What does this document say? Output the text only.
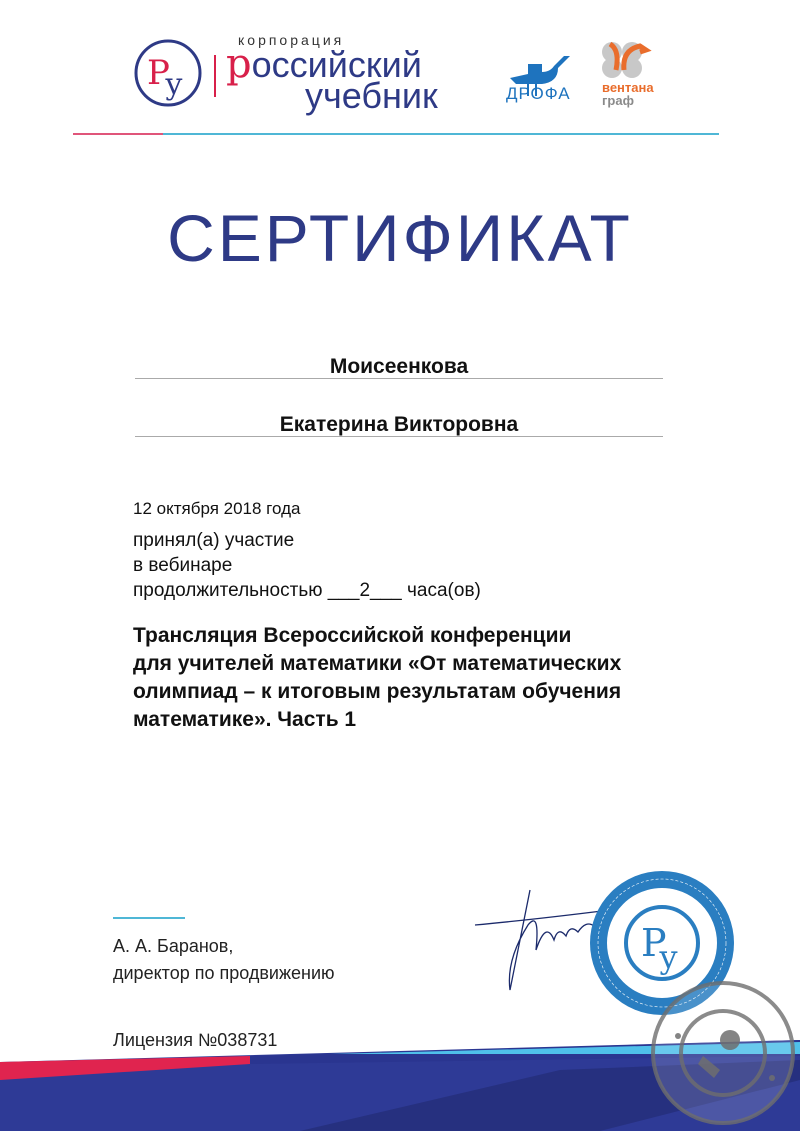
Р
у
корпорация
российский
учебник	ДРОФА вентана
граф
СЕРТИФИКАТ
Моисеенкова
Екатерина Викторовна
12 октября 2018 года
принял(а) участие
в вебинаре
продолжительностью ___2___ часа(ов)
Трансляция Всероссийской конференции
для учителей математики «От математических
олимпиад – к итоговым результатам обучения
математике». Часть 1
А. А. Баранов,
директор по продвижению
Лицензия №038731
Р
у
